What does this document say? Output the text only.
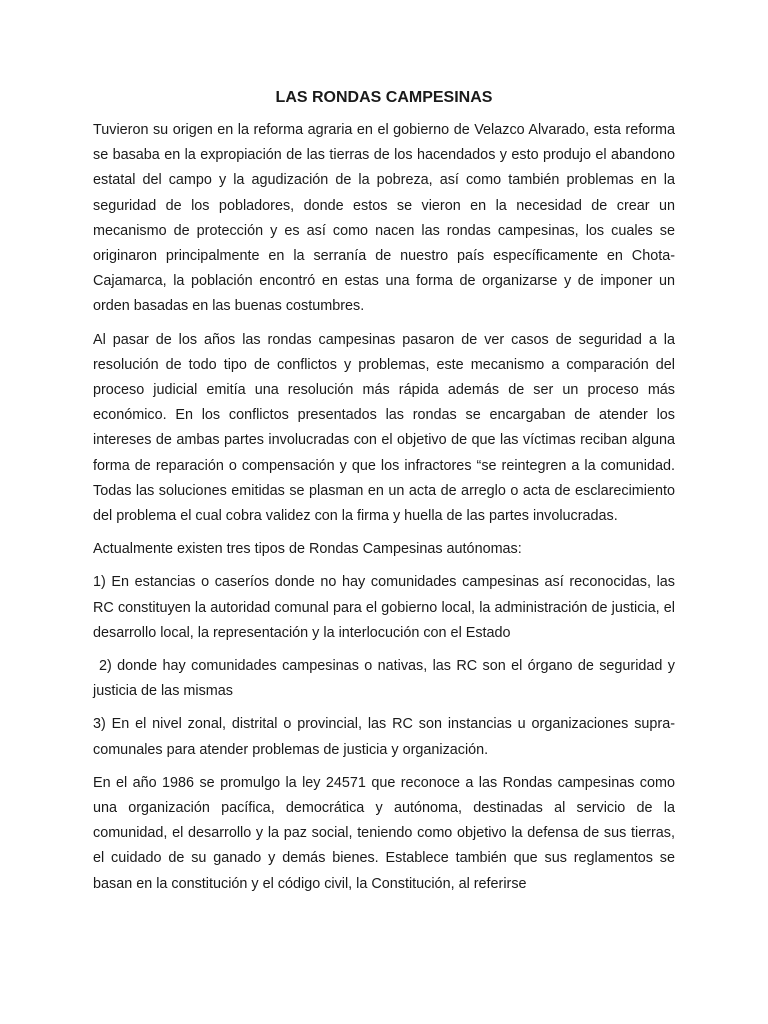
LAS RONDAS CAMPESINAS

Tuvieron su origen en la reforma agraria en el gobierno de Velazco Alvarado, esta reforma se basaba en la expropiación de las tierras de los hacendados y esto produjo el abandono estatal del campo y la agudización de la pobreza, así como también problemas en la seguridad de los pobladores, donde estos se vieron en la necesidad de crear un mecanismo de protección y es así como nacen las rondas campesinas, los cuales se originaron principalmente en la serranía de nuestro país específicamente en Chota- Cajamarca, la población encontró en estas una forma de organizarse y de imponer un orden basadas en las buenas costumbres.

Al pasar de los años las rondas campesinas pasaron de ver casos de seguridad a la resolución de todo tipo de conflictos y problemas, este mecanismo a comparación del proceso judicial emitía una resolución más rápida además de ser un proceso más económico. En los conflictos presentados las rondas se encargaban de atender los intereses de ambas partes involucradas con el objetivo de que las víctimas reciban alguna forma de reparación o compensación y que los infractores “se reintegren a la comunidad. Todas las soluciones emitidas se plasman en un acta de arreglo o acta de esclarecimiento del problema el cual cobra validez con la firma y huella de las partes involucradas.

Actualmente existen tres tipos de Rondas Campesinas autónomas:

1) En estancias o caseríos donde no hay comunidades campesinas así reconocidas, las RC constituyen la autoridad comunal para el gobierno local, la administración de justicia, el desarrollo local, la representación y la interlocución con el Estado

2) donde hay comunidades campesinas o nativas, las RC son el órgano de seguridad y justicia de las mismas

3) En el nivel zonal, distrital o provincial, las RC son instancias u organizaciones supra-comunales para atender problemas de justicia y organización.

En el año 1986 se promulgo la ley 24571 que reconoce a las Rondas campesinas como una organización pacífica, democrática y autónoma, destinadas al servicio de la comunidad, el desarrollo y la paz social, teniendo como objetivo la defensa de sus tierras, el cuidado de su ganado y demás bienes. Establece también que sus reglamentos se basan en la constitución y el código civil, la Constitución, al referirse
